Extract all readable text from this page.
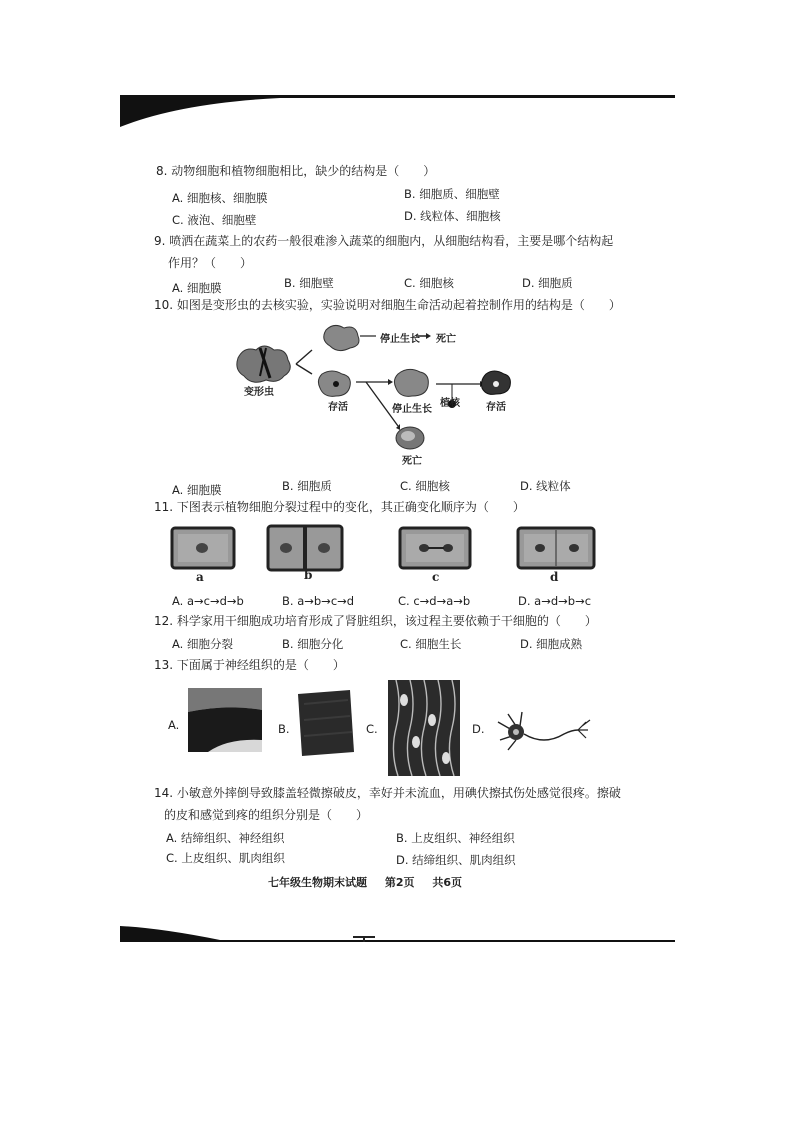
8. 动物细胞和植物细胞相比，缺少的结构是（　　）
A. 细胞核、细胞膜	B. 细胞质、细胞壁
C. 液泡、细胞壁	D. 线粒体、细胞核
9. 喷洒在蔬菜上的农药一般很难渗入蔬菜的细胞内，从细胞结构看，主要是哪个结构起
作用？（　　）
A. 细胞膜	B. 细胞壁	C. 细胞核	D. 细胞质
10. 如图是变形虫的去核实验，实验说明对细胞生命活动起着控制作用的结构是（　　）
停止生长 死亡
变形虫
存活	停止生长
植核	存活
死亡
A. 细胞膜	B. 细胞质	C. 细胞核	D. 线粒体
11. 下图表示植物细胞分裂过程中的变化，其正确变化顺序为（　　）
a	b	c	d
A. a→c→d→b	B. a→b→c→d	C. c→d→a→b	D. a→d→b→c
12. 科学家用干细胞成功培育形成了肾脏组织，该过程主要依赖于干细胞的（　　）
A. 细胞分裂	B. 细胞分化	C. 细胞生长	D. 细胞成熟
13. 下面属于神经组织的是（　　）
A.	B.	C.	D.
14. 小敏意外摔倒导致膝盖轻微擦破皮，幸好并未流血，用碘伏擦拭伤处感觉很疼。擦破
的皮和感觉到疼的组织分别是（　　）
A. 结缔组织、神经组织	B. 上皮组织、神经组织
C. 上皮组织、肌肉组织	D. 结缔组织、肌肉组织
七年级生物期末试题 第2页 共6页
